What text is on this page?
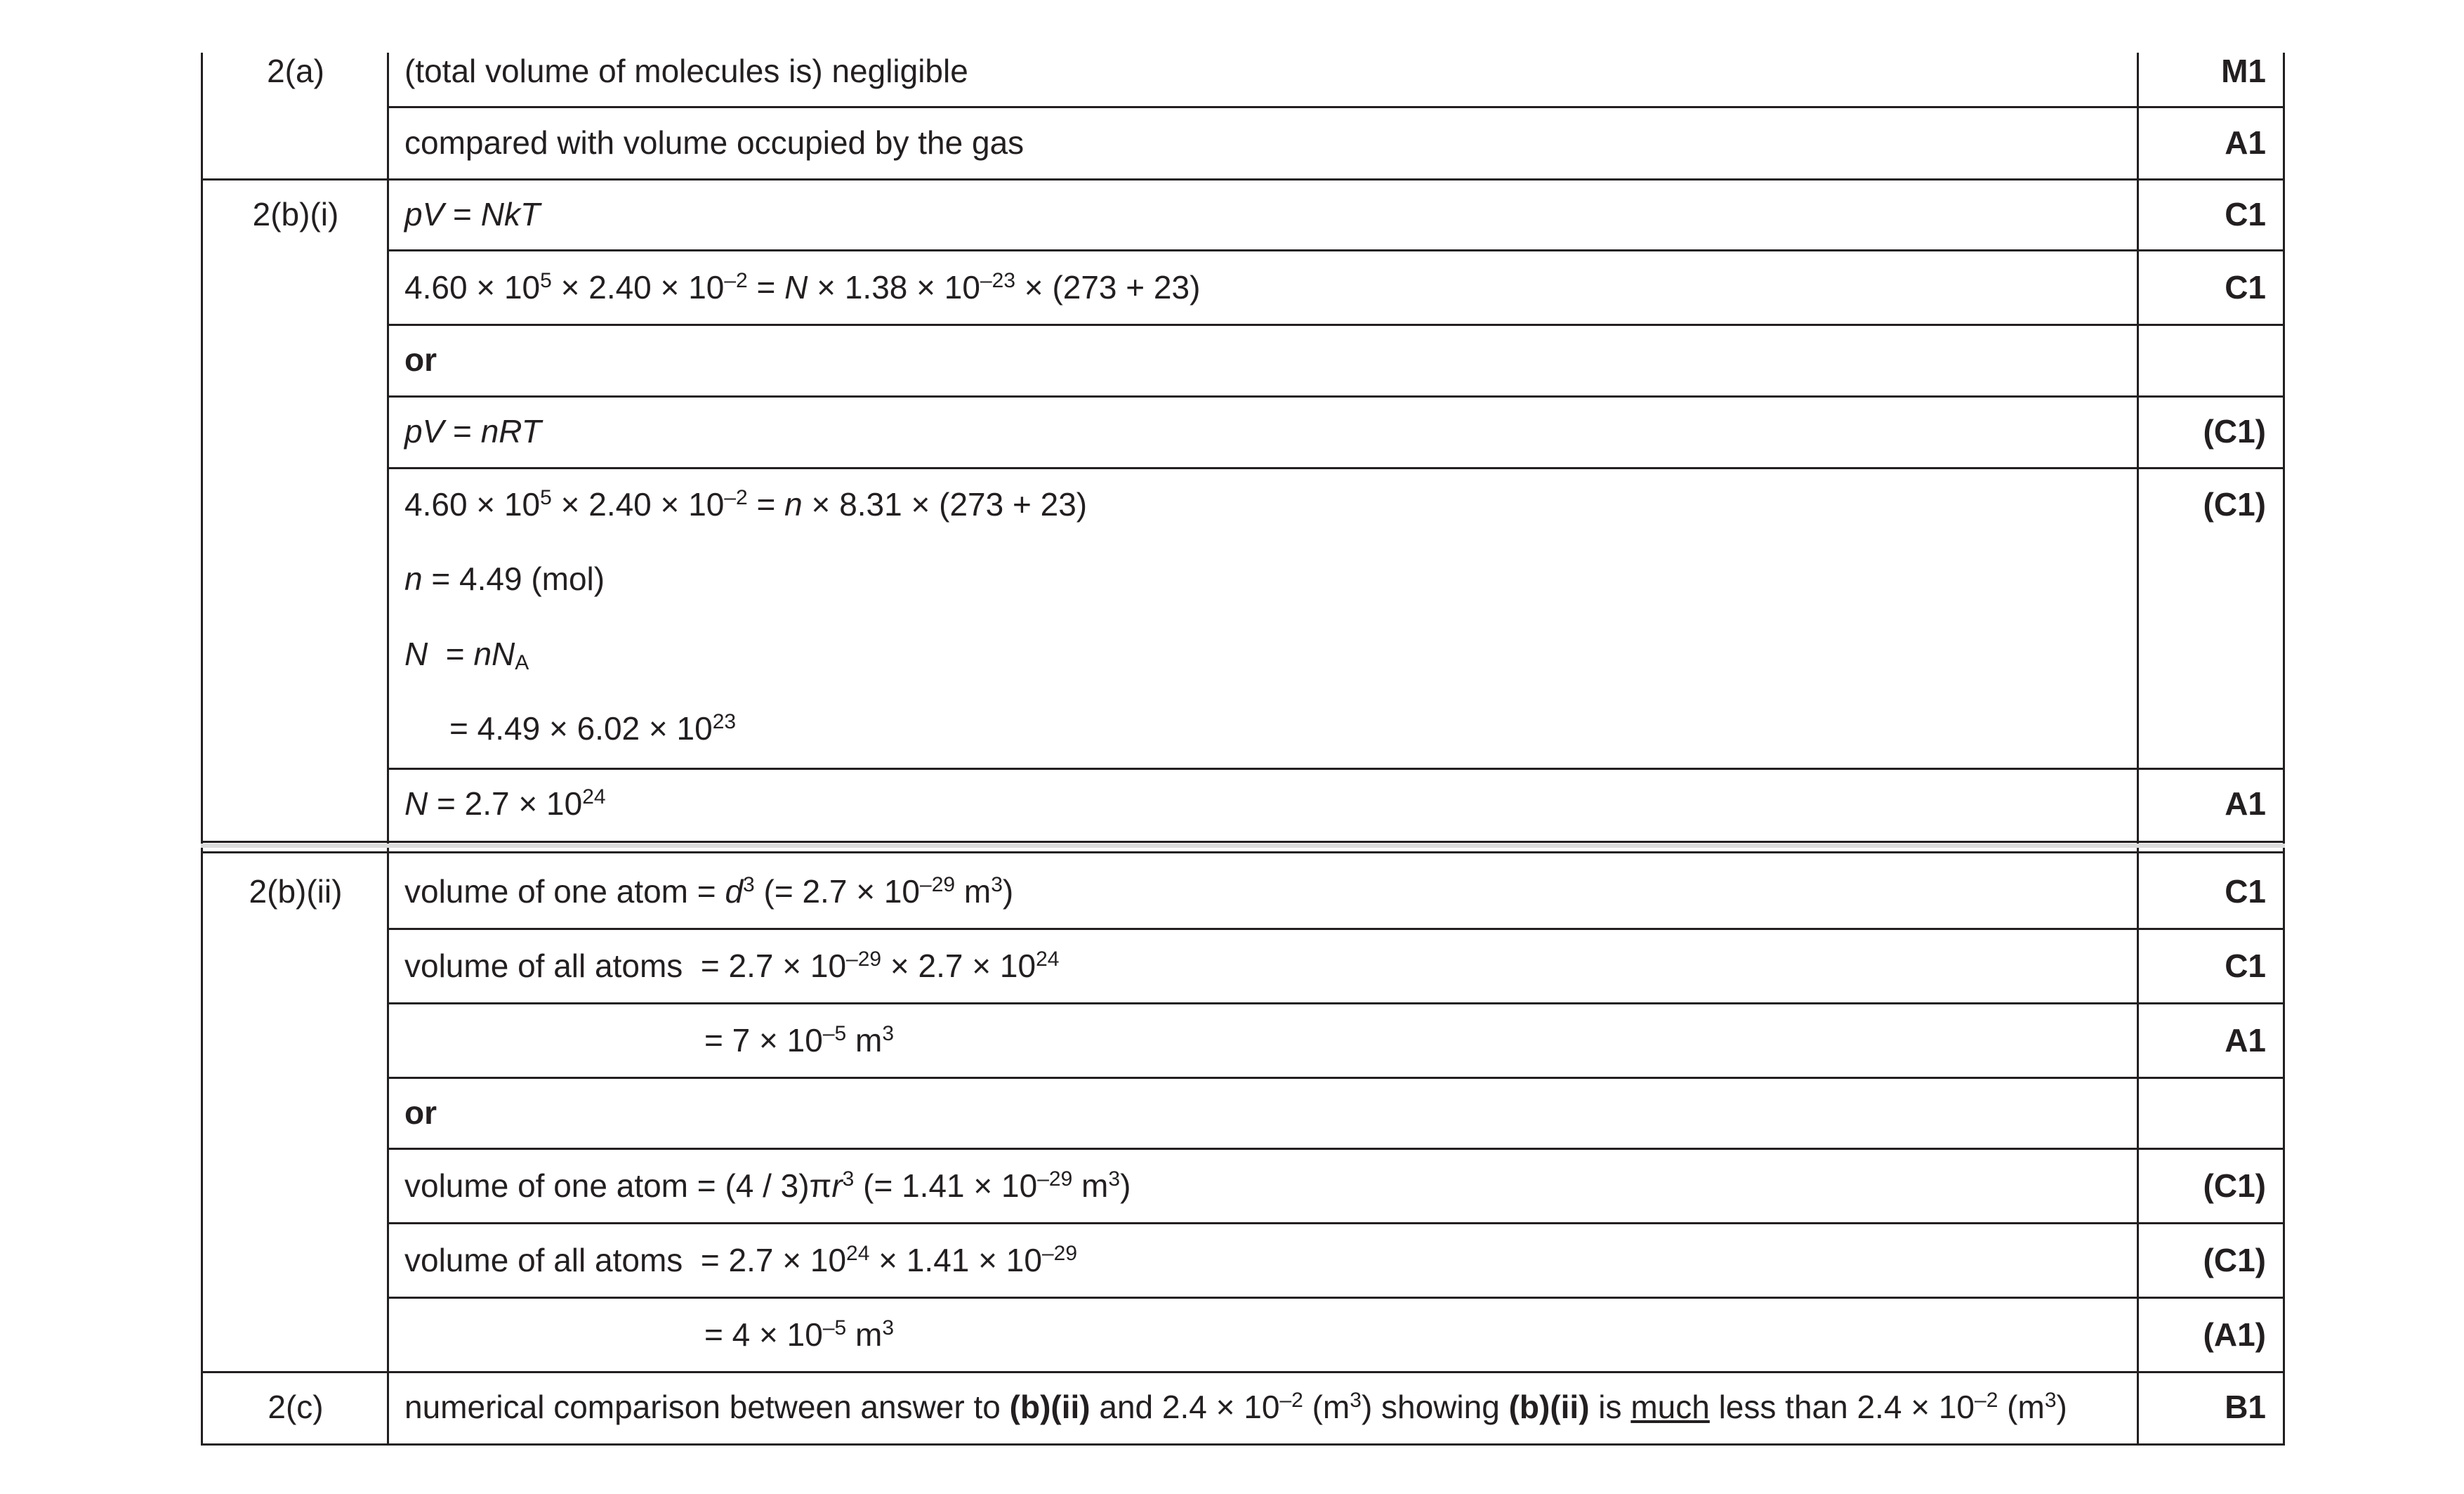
2(a)	(total volume of molecules is) negligible	M1
compared with volume occupied by the gas	A1
2(b)(i)	pV = NkT	C1
$4.60 \times 10^5 \times 2.40 \times 10^{-2} = N \times 1.38 \times 10^{-23} \times (273 + 23)$	C1
or
pV = nRT	(C1)
$4.60 \times 10^5 \times 2.40 \times 10^{-2} = n \times 8.31 \times (273 + 23)$	(C1)
n = 4.49 (mol)
$N = nN_A$
= $4.49 \times 6.02 \times 10^{23}$
$N = 2.7 \times 10^{24}$	A1
2(b)(ii)	volume of one atom = $d^3$ (= $2.7 \times 10^{-29}$ $m^3$)	C1
volume of all atoms  = $2.7 \times 10^{-29} \times 2.7 \times 10^{24}$	C1
= $7 \times 10^{-5}$ $m^3$	A1
or
volume of one atom = $(4 / 3)\pi r^3$ (= $1.41 \times 10^{-29}$ $m^3$)	(C1)
volume of all atoms  = $2.7 \times 10^{24} \times 1.41 \times 10^{-29}$	(C1)
= $4 \times 10^{-5}$ $m^3$	(A1)
2(c)	numerical comparison between answer to (b)(ii) and $2.4 \times 10^{-2}$ $(m^3)$ showing (b)(ii) is much less than $2.4 \times 10^{-2}$ $(m^3)$	B1
